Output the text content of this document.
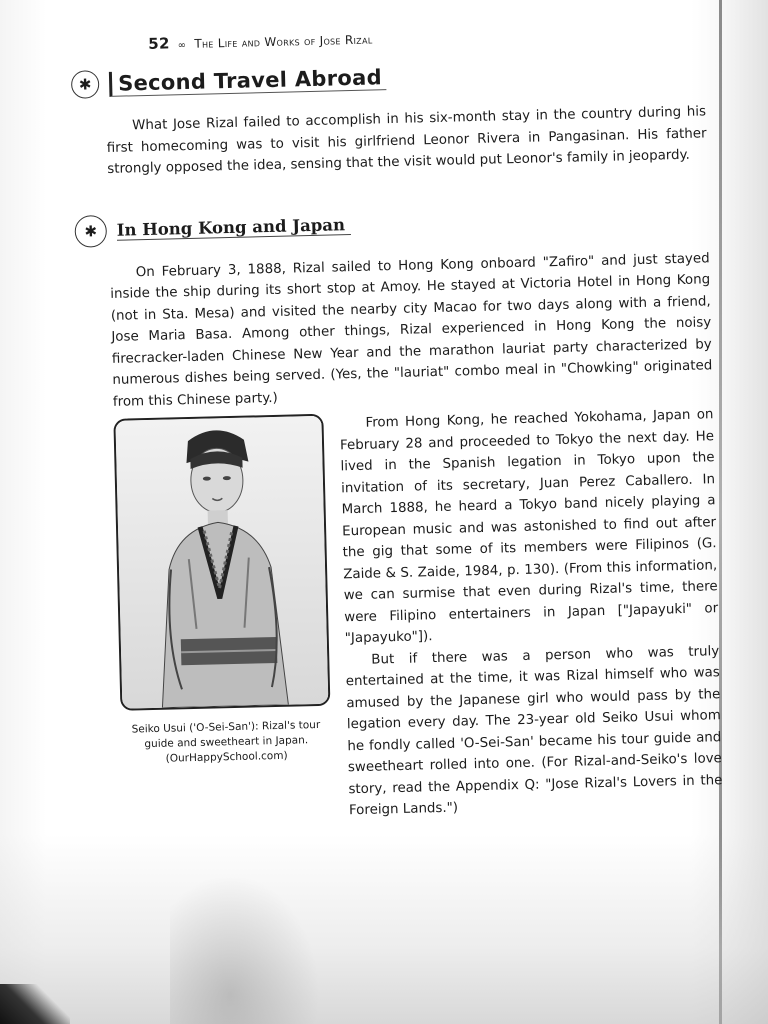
52 ∞ The Life and Works of Jose Rizal
✱	Second Travel Abroad

What Jose Rizal failed to accomplish in his six-month stay in the country during his first homecoming was to visit his girlfriend Leonor Rivera in Pangasinan. His father strongly opposed the idea, sensing that the visit would put Leonor's family in jeopardy.

✱	In Hong Kong and Japan

On February 3, 1888, Rizal sailed to Hong Kong onboard "Zafiro" and just stayed inside the ship during its short stop at Amoy. He stayed at Victoria Hotel in Hong Kong (not in Sta. Mesa) and visited the nearby city Macao for two days along with a friend, Jose Maria Basa. Among other things, Rizal experienced in Hong Kong the noisy firecracker-laden Chinese New Year and the marathon lauriat party characterized by numerous dishes being served. (Yes, the "lauriat" combo meal in "Chowking" originated from this Chinese party.)

Seiko Usui ('O-Sei-San'): Rizal's tour
guide and sweetheart in Japan.
(OurHappySchool.com)

From Hong Kong, he reached Yokohama, Japan on February 28 and proceeded to Tokyo the next day. He lived in the Spanish legation in Tokyo upon the invitation of its secretary, Juan Perez Caballero. In March 1888, he heard a Tokyo band nicely playing a European music and was astonished to find out after the gig that some of its members were Filipinos (G. Zaide & S. Zaide, 1984, p. 130). (From this information, we can surmise that even during Rizal's time, there were Filipino entertainers in Japan ["Japayuki" or "Japayuko"]).

But if there was a person who was truly entertained at the time, it was Rizal himself who was amused by the Japanese girl who would pass by the legation every day. The 23-year old Seiko Usui whom he fondly called 'O-Sei-San' became his tour guide and sweetheart rolled into one. (For Rizal-and-Seiko's love story, read the Appendix Q: "Jose Rizal's Lovers in the Foreign Lands.")
